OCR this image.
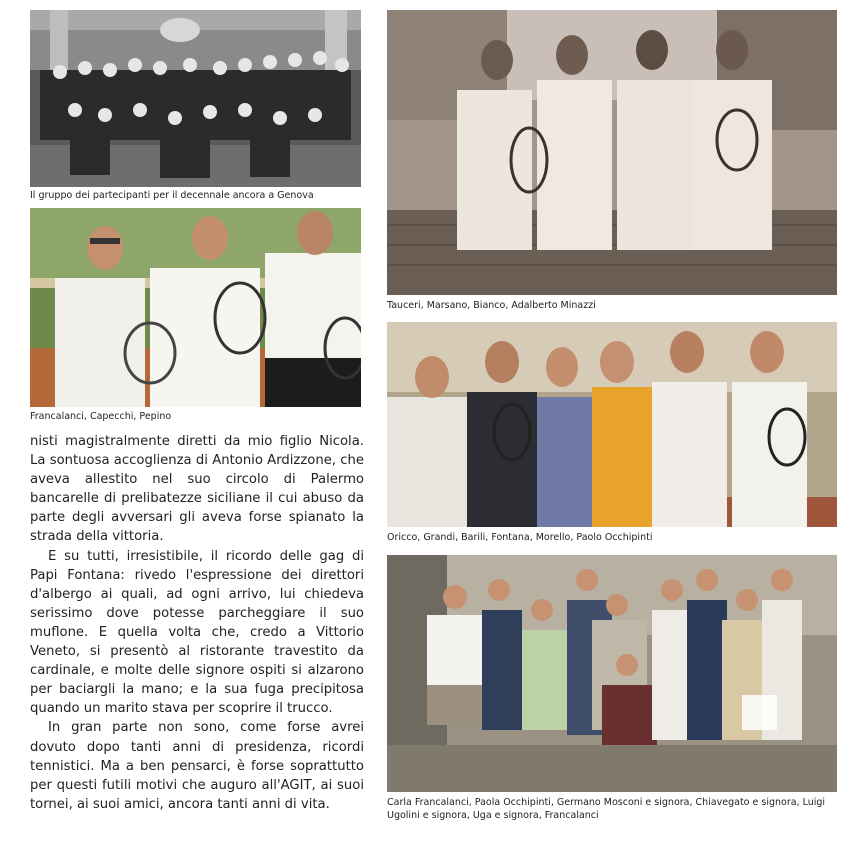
Il gruppo dei partecipanti per il decennale ancora a Genova
Francalanci, Capecchi, Pepino

nisti magistralmente diretti da mio figlio Nicola. La sontuosa accoglienza di Antonio Ardizzone, che aveva allestito nel suo circolo di Palermo bancarelle di prelibatezze siciliane il cui abuso da parte degli avversari gli aveva forse spianato la strada della vittoria.

E su tutti, irresistibile, il ricordo delle gag di Papi Fontana: rivedo l'espressione dei direttori d'albergo ai quali, ad ogni arrivo, lui chiedeva serissimo dove potesse parcheggiare il suo muflone. E quella volta che, credo a Vittorio Veneto, si presentò al ristorante travestito da cardinale, e molte delle signore ospiti si alzarono per baciargli la mano; e la sua fuga precipitosa quando un marito stava per scoprire il trucco.

In gran parte non sono, come forse avrei dovuto dopo tanti anni di presidenza, ricordi tennistici. Ma a ben pensarci, è forse soprattutto per questi futili motivi che auguro all'AGIT, ai suoi tornei, ai suoi amici, ancora tanti anni di vita.

Tauceri, Marsano, Bianco, Adalberto Minazzi
Oricco, Grandi, Barili, Fontana, Morello, Paolo Occhipinti
Carla Francalanci, Paola Occhipinti, Germano Mosconi e signora, Chiavegato e signora, Luigi Ugolini e signora, Uga e signora, Francalanci
